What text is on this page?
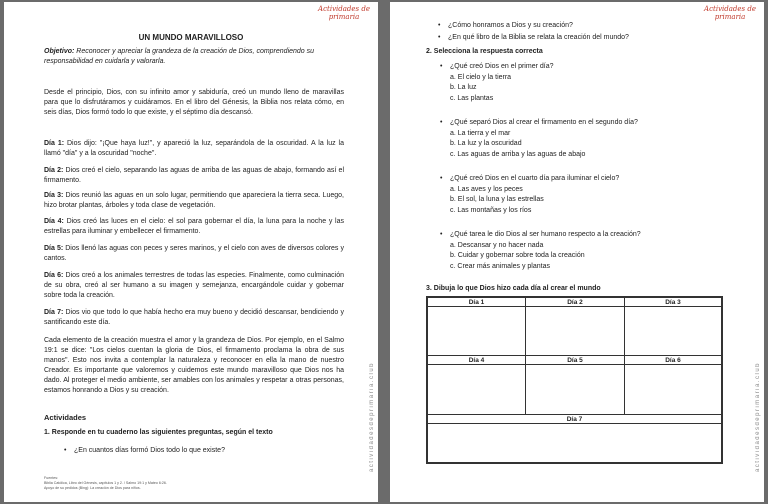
Actividades de
primaria
UN MUNDO MARAVILLOSO
Objetivo: Reconocer y apreciar la grandeza de la creación de Dios, comprendiendo su responsabilidad en cuidarla y valorarla.

Desde el principio, Dios, con su infinito amor y sabiduría, creó un mundo lleno de maravillas para que lo disfrutáramos y cuidáramos. En el libro del Génesis, la Biblia nos relata cómo, en seis días, Dios formó todo lo que existe, y el séptimo día descansó.

Día 1: Dios dijo: "¡Que haya luz!", y apareció la luz, separándola de la oscuridad. A la luz la llamó "día" y a la oscuridad "noche".

Día 2: Dios creó el cielo, separando las aguas de arriba de las aguas de abajo, formando así el firmamento.

Día 3: Dios reunió las aguas en un solo lugar, permitiendo que apareciera la tierra seca. Luego, hizo brotar plantas, árboles y toda clase de vegetación.

Día 4: Dios creó las luces en el cielo: el sol para gobernar el día, la luna para la noche y las estrellas para iluminar y embellecer el firmamento.

Día 5: Dios llenó las aguas con peces y seres marinos, y el cielo con aves de diversos colores y cantos.

Día 6: Dios creó a los animales terrestres de todas las especies. Finalmente, como culminación de su obra, creó al ser humano a su imagen y semejanza, encargándole cuidar y gobernar sobre toda la creación.

Día 7: Dios vio que todo lo que había hecho era muy bueno y decidió descansar, bendiciendo y santificando este día.

Cada elemento de la creación muestra el amor y la grandeza de Dios. Por ejemplo, en el Salmo 19:1 se dice: "Los cielos cuentan la gloria de Dios, el firmamento proclama la obra de sus manos". Esto nos invita a contemplar la naturaleza y reconocer en ella la mano de nuestro Creador. Es importante que valoremos y cuidemos este mundo maravilloso que Dios nos ha dado. Al proteger el medio ambiente, ser amables con los animales y respetar a otras personas, estamos honrando a Dios y su creación.

Actividades
1. Responde en tu cuaderno las siguientes preguntas, según el texto
• ¿En cuantos días formó Dios todo lo que existe?
Fuentes:
Biblia Católica, Libro del Génesis, capítulos 1 y 2. / Salmo 19:1 y Mateo 6:26.
Apoyo de su pedidos (Bing): La creación de Dios para niños.
actividadesdeprimaria.club
Actividades de
primaria
• ¿Cómo honramos a Dios y su creación?
• ¿En qué libro de la Biblia se relata la creación del mundo?
2. Selecciona la respuesta correcta
• ¿Qué creó Dios en el primer día?
a. El cielo y la tierra
b. La luz
c. Las plantas
• ¿Qué separó Dios al crear el firmamento en el segundo día?
a. La tierra y el mar
b. La luz y la oscuridad
c. Las aguas de arriba y las aguas de abajo
• ¿Qué creó Dios en el cuarto día para iluminar el cielo?
a. Las aves y los peces
b. El sol, la luna y las estrellas
c. Las montañas y los ríos
• ¿Qué tarea le dio Dios al ser humano respecto a la creación?
a. Descansar y no hacer nada
b. Cuidar y gobernar sobre toda la creación
c. Crear más animales y plantas
3. Dibuja lo que Dios hizo cada día al crear el mundo
Día 1	Día 2	Día 3
Día 4	Día 5	Día 6
Día 7	actividadesdeprimaria.club
